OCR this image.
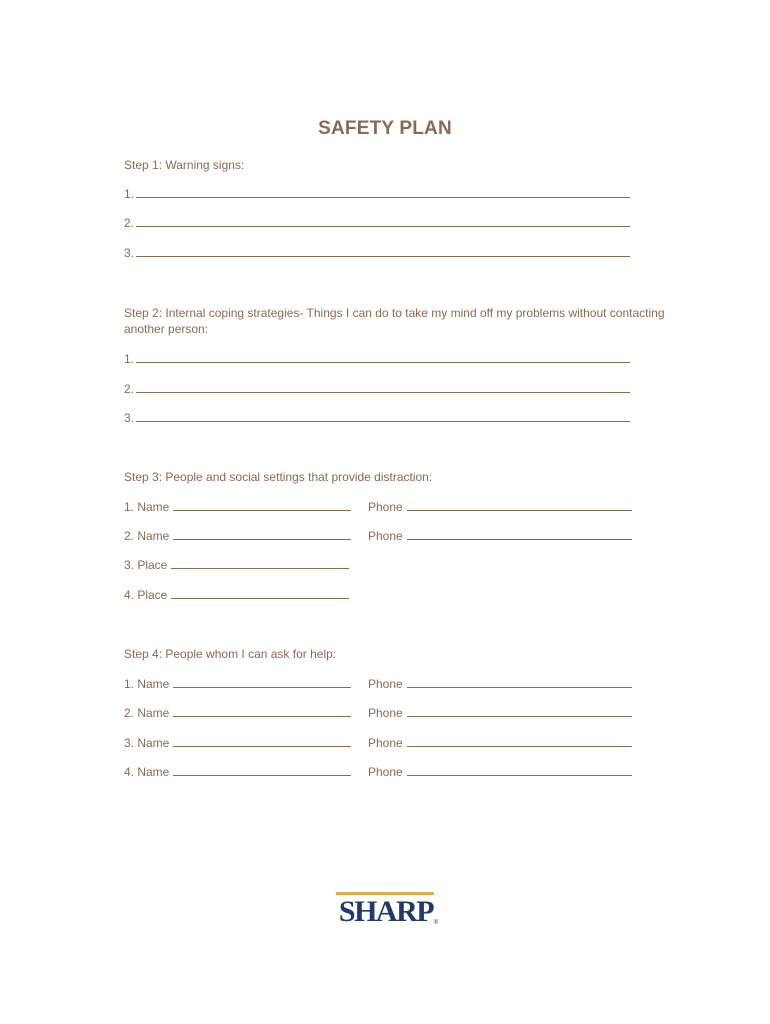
SAFETY PLAN
Step 1: Warning signs:
1.
2.
3.
Step 2: Internal coping strategies- Things I can do to take my mind off my problems without contacting another person:
1.
2.
3.
Step 3: People and social settings that provide distraction:
1. Name	Phone
2. Name	Phone
3. Place
4. Place
Step 4: People whom I can ask for help:
1. Name	Phone
2. Name	Phone
3. Name	Phone
4. Name	Phone
SHARP ®
